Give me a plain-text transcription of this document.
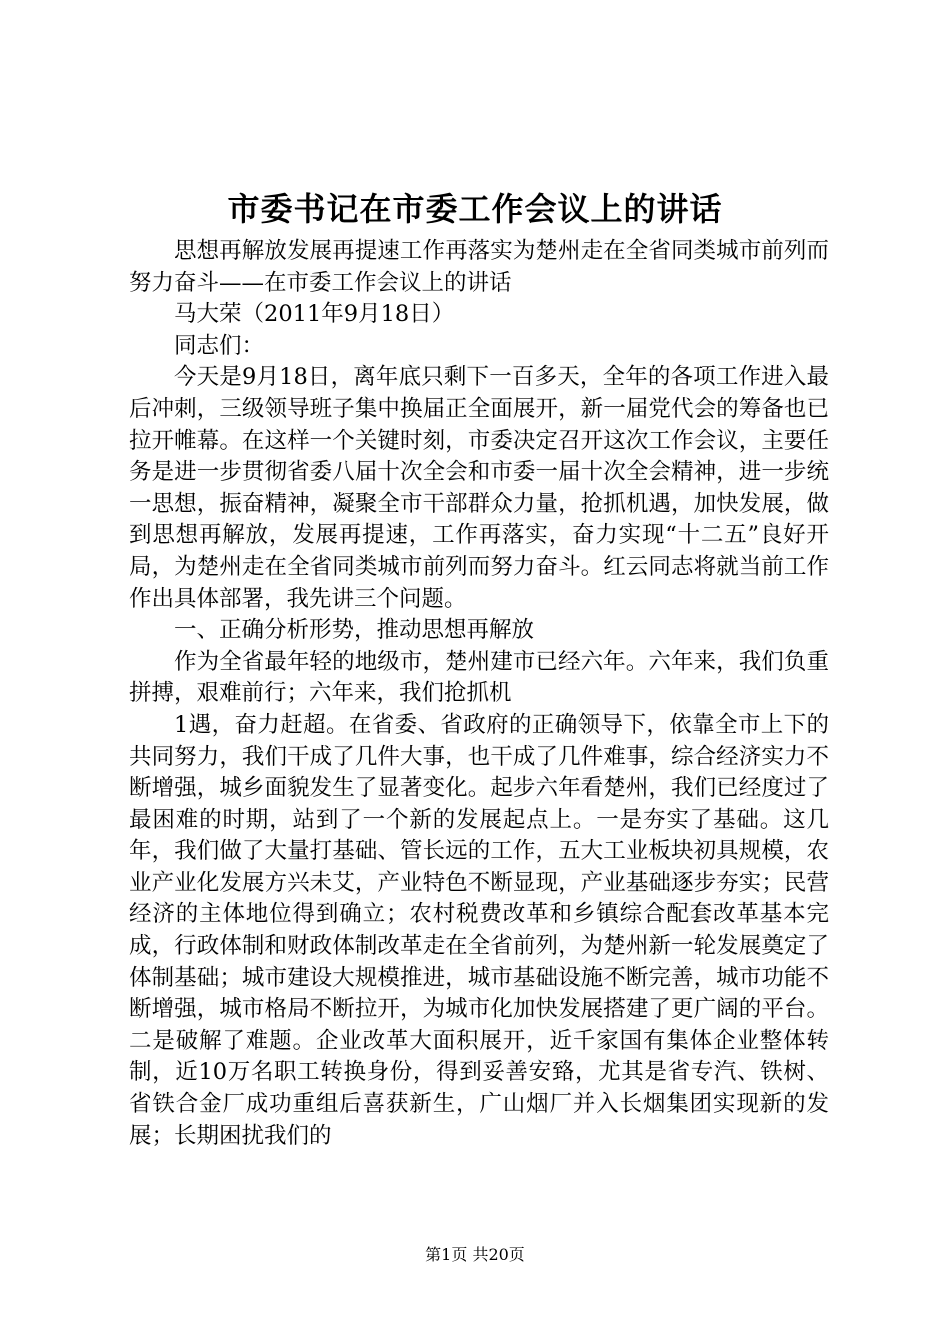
市委书记在市委工作会议上的讲话

思想再解放发展再提速工作再落实为楚州走在全省同类城市前列而努力奋斗——在市委工作会议上的讲话

马大荣（2011年9月18日）

同志们：

今天是9月18日，离年底只剩下一百多天，全年的各项工作进入最后冲刺，三级领导班子集中换届正全面展开，新一届党代会的筹备也已拉开帷幕。在这样一个关键时刻，市委决定召开这次工作会议，主要任务是进一步贯彻省委八届十次全会和市委一届十次全会精神，进一步统一思想，振奋精神，凝聚全市干部群众力量，抢抓机遇，加快发展，做到思想再解放，发展再提速，工作再落实，奋力实现“十二五”良好开局，为楚州走在全省同类城市前列而努力奋斗。红云同志将就当前工作作出具体部署，我先讲三个问题。

一、正确分析形势，推动思想再解放

作为全省最年轻的地级市，楚州建市已经六年。六年来，我们负重拼搏，艰难前行；六年来，我们抢抓机

1遇，奋力赶超。在省委、省政府的正确领导下，依靠全市上下的共同努力，我们干成了几件大事，也干成了几件难事，综合经济实力不断增强，城乡面貌发生了显著变化。起步六年看楚州，我们已经度过了最困难的时期，站到了一个新的发展起点上。一是夯实了基础。这几年，我们做了大量打基础、管长远的工作，五大工业板块初具规模，农业产业化发展方兴未艾，产业特色不断显现，产业基础逐步夯实；民营经济的主体地位得到确立；农村税费改革和乡镇综合配套改革基本完成，行政体制和财政体制改革走在全省前列，为楚州新一轮发展奠定了体制基础；城市建设大规模推进，城市基础设施不断完善，城市功能不断增强，城市格局不断拉开，为城市化加快发展搭建了更广阔的平台。二是破解了难题。企业改革大面积展开，近千家国有集体企业整体转制，近10万名职工转换身份，得到妥善安臵，尤其是省专汽、铁树、省铁合金厂成功重组后喜获新生，广山烟厂并入长烟集团实现新的发展；长期困扰我们的

第1页 共20页
